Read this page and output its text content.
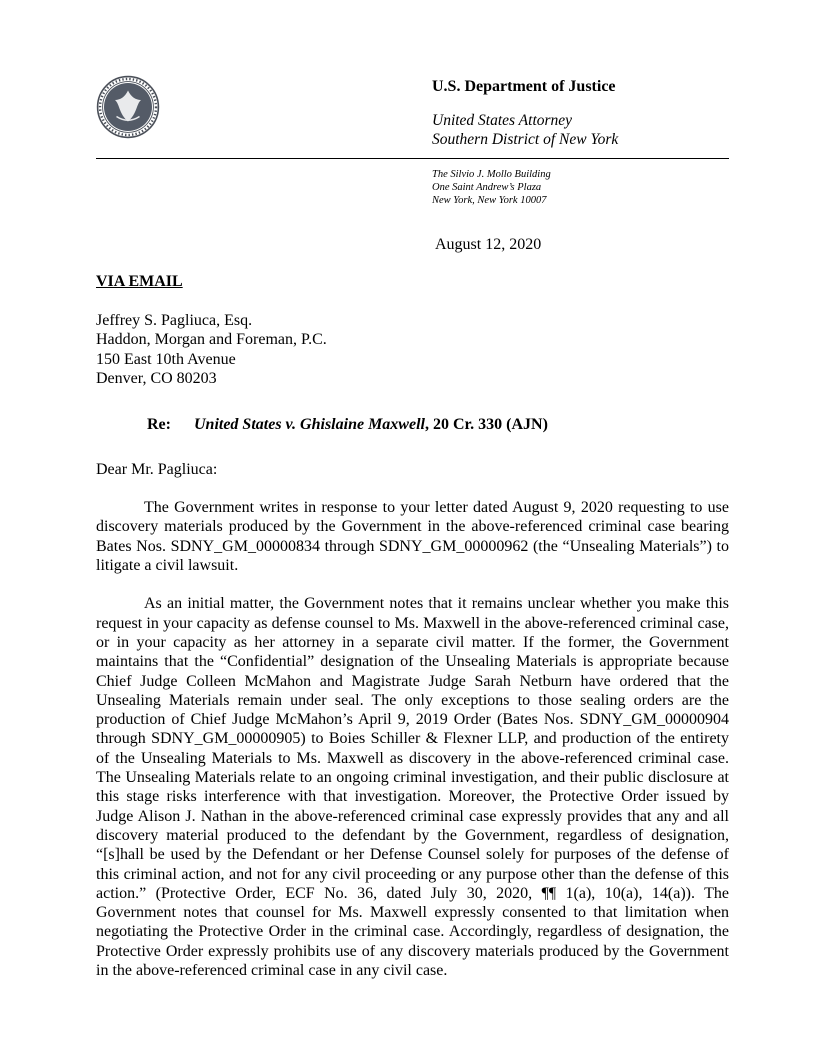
U.S. Department of Justice
United States Attorney
Southern District of New York
The Silvio J. Mollo Building
One Saint Andrew’s Plaza
New York, New York 10007
August 12, 2020
VIA EMAIL
Jeffrey S. Pagliuca, Esq.
Haddon, Morgan and Foreman, P.C.
150 East 10th Avenue
Denver, CO 80203
Re: United States v. Ghislaine Maxwell, 20 Cr. 330 (AJN)
Dear Mr. Pagliuca:

The Government writes in response to your letter dated August 9, 2020 requesting to use discovery materials produced by the Government in the above-referenced criminal case bearing Bates Nos. SDNY_GM_00000834 through SDNY_GM_00000962 (the “Unsealing Materials”) to litigate a civil lawsuit.

As an initial matter, the Government notes that it remains unclear whether you make this request in your capacity as defense counsel to Ms. Maxwell in the above-referenced criminal case, or in your capacity as her attorney in a separate civil matter. If the former, the Government maintains that the “Confidential” designation of the Unsealing Materials is appropriate because Chief Judge Colleen McMahon and Magistrate Judge Sarah Netburn have ordered that the Unsealing Materials remain under seal. The only exceptions to those sealing orders are the production of Chief Judge McMahon’s April 9, 2019 Order (Bates Nos. SDNY_GM_00000904 through SDNY_GM_00000905) to Boies Schiller & Flexner LLP, and production of the entirety of the Unsealing Materials to Ms. Maxwell as discovery in the above-referenced criminal case. The Unsealing Materials relate to an ongoing criminal investigation, and their public disclosure at this stage risks interference with that investigation. Moreover, the Protective Order issued by Judge Alison J. Nathan in the above-referenced criminal case expressly provides that any and all discovery material produced to the defendant by the Government, regardless of designation, “[s]hall be used by the Defendant or her Defense Counsel solely for purposes of the defense of this criminal action, and not for any civil proceeding or any purpose other than the defense of this action.” (Protective Order, ECF No. 36, dated July 30, 2020, ¶¶ 1(a), 10(a), 14(a)). The Government notes that counsel for Ms. Maxwell expressly consented to that limitation when negotiating the Protective Order in the criminal case. Accordingly, regardless of designation, the Protective Order expressly prohibits use of any discovery materials produced by the Government in the above-referenced criminal case in any civil case.
